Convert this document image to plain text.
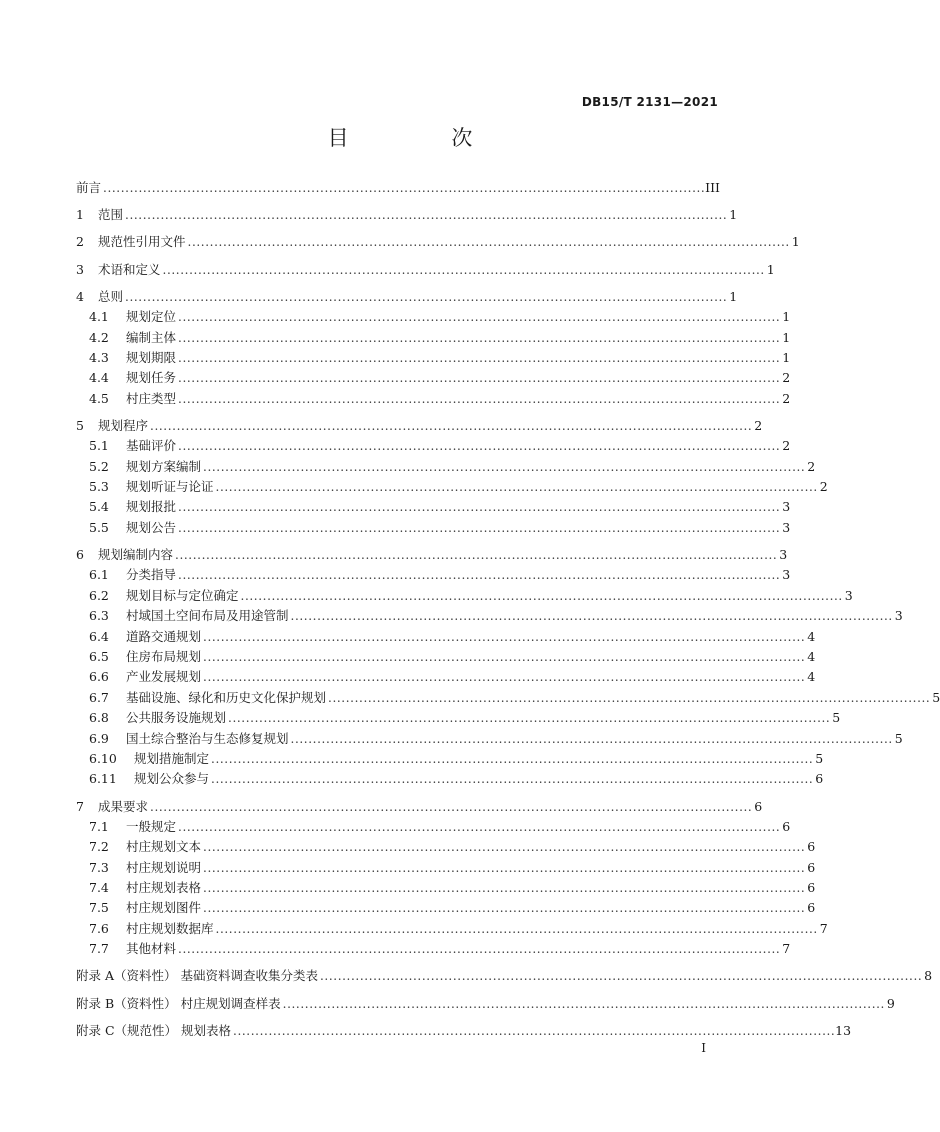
DB15/T 2131—2021
目 次
前言 . . .	III
1	范围 . . .	1
2	规范性引用文件 . . .	1
3	术语和定义 . . .	1
4	总则 . . .	1
4.1	规划定位 . . .	1
4.2	编制主体 . . .	1
4.3	规划期限 . . .	1
4.4	规划任务 . . .	2
4.5	村庄类型 . . .	2
5	规划程序 . . .	2
5.1	基础评价 . . .	2
5.2	规划方案编制 . . .	2
5.3	规划听证与论证 . . .	2
5.4	规划报批 . . .	3
5.5	规划公告 . . .	3
6	规划编制内容 . . .	3
6.1	分类指导 . . .	3
6.2	规划目标与定位确定 . . .	3
6.3	村域国土空间布局及用途管制 . . .	3
6.4	道路交通规划 . . .	4
6.5	住房布局规划 . . .	4
6.6	产业发展规划 . . .	4
6.7	基础设施、绿化和历史文化保护规划 . . .	5
6.8	公共服务设施规划 . . .	5
6.9	国土综合整治与生态修复规划 . . .	5
6.10	规划措施制定 . . .	5
6.11	规划公众参与 . . .	6
7	成果要求 . . .	6
7.1	一般规定 . . .	6
7.2	村庄规划文本 . . .	6
7.3	村庄规划说明 . . .	6
7.4	村庄规划表格 . . .	6
7.5	村庄规划图件 . . .	6
7.6	村庄规划数据库 . . .	7
7.7	其他材料 . . .	7
附录 A（资料性） 基础资料调查收集分类表 . . .	8
附录 B（资料性） 村庄规划调查样表 . . .	9
附录 C（规范性） 规划表格 . . .	13
I
